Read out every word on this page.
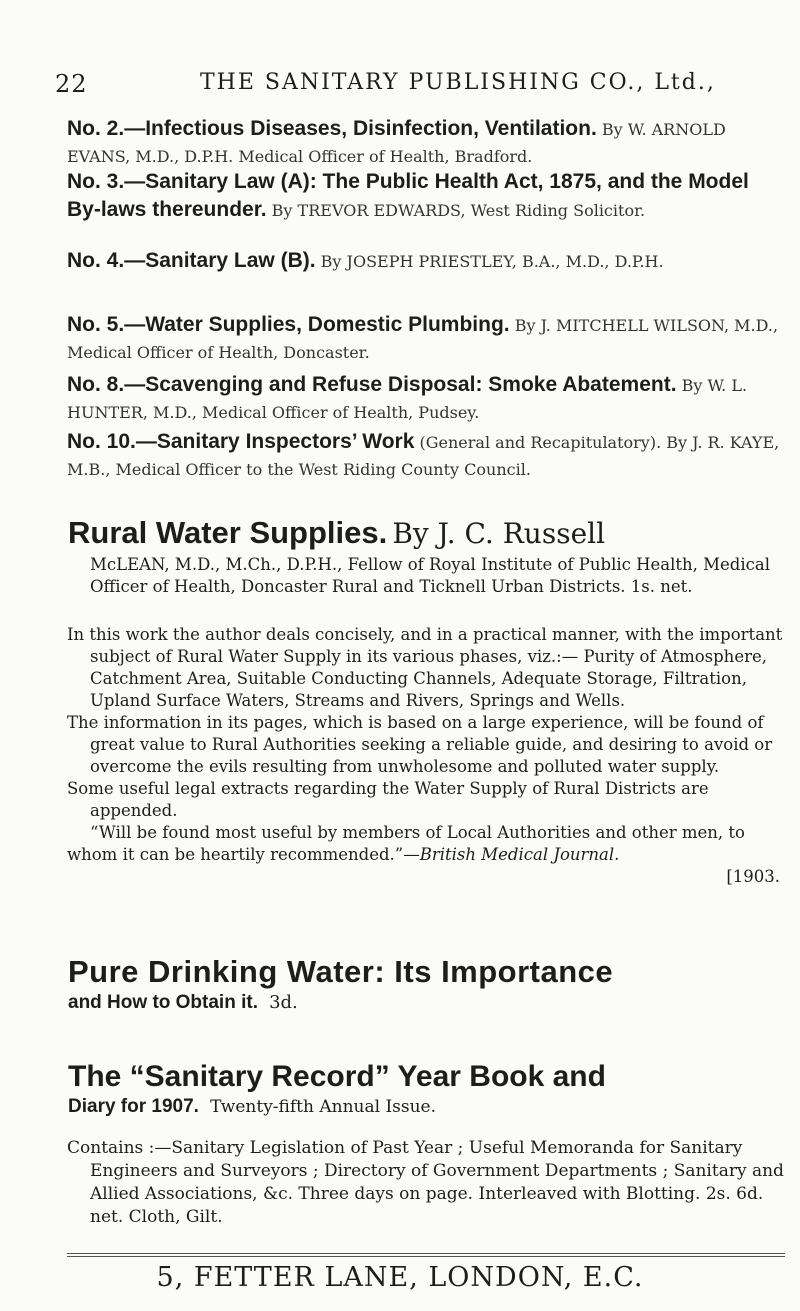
22	THE SANITARY PUBLISHING CO., Ltd.,
No. 2.—Infectious Diseases, Disinfection, Ventilation. By W. ARNOLD EVANS, M.D., D.P.H. Medical Officer of Health, Bradford.
No. 3.—Sanitary Law (A): The Public Health Act, 1875, and the Model By-laws thereunder. By TREVOR EDWARDS, West Riding Solicitor.
No. 4.—Sanitary Law (B). By JOSEPH PRIESTLEY, B.A., M.D., D.P.H.
No. 5.—Water Supplies, Domestic Plumbing. By J. MITCHELL WILSON, M.D., Medical Officer of Health, Doncaster.
No. 8.—Scavenging and Refuse Disposal: Smoke Abatement. By W. L. HUNTER, M.D., Medical Officer of Health, Pudsey.
No. 10.—Sanitary Inspectors’ Work (General and Recapitulatory). By J. R. KAYE, M.B., Medical Officer to the West Riding County Council.
Rural Water Supplies. By J. C. Russell
McLEAN, M.D., M.Ch., D.P.H., Fellow of Royal Institute of Public Health, Medical Officer of Health, Doncaster Rural and Ticknell Urban Districts. 1s. net.
In this work the author deals concisely, and in a practical manner, with the important subject of Rural Water Supply in its various phases, viz.:— Purity of Atmosphere, Catchment Area, Suitable Conducting Channels, Adequate Storage, Filtration, Upland Surface Waters, Streams and Rivers, Springs and Wells.
The information in its pages, which is based on a large experience, will be found of great value to Rural Authorities seeking a reliable guide, and desiring to avoid or overcome the evils resulting from unwholesome and polluted water supply.
Some useful legal extracts regarding the Water Supply of Rural Districts are appended.
“Will be found most useful by members of Local Authorities and other men, to whom it can be heartily recommended.”—British Medical Journal.
[1903.
Pure Drinking Water: Its Importance
and How to Obtain it. 3d.
The “Sanitary Record” Year Book and
Diary for 1907. Twenty-fifth Annual Issue.
Contains :—Sanitary Legislation of Past Year ; Useful Memoranda for Sanitary Engineers and Surveyors ; Directory of Government Departments ; Sanitary and Allied Associations, &c. Three days on page. Interleaved with Blotting. 2s. 6d. net. Cloth, Gilt.
5, FETTER LANE, LONDON, E.C.
